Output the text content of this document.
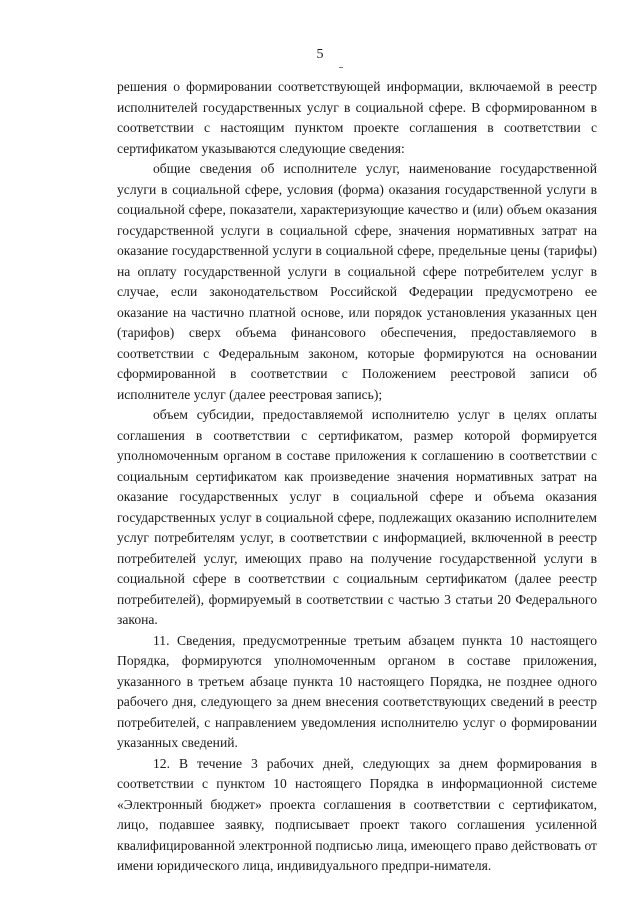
5

решения о формировании соответствующей информации, включаемой в реестр исполнителей государственных услуг в социальной сфере. В сформированном в соответствии с настоящим пунктом проекте соглашения в соответствии с сертификатом указываются следующие сведения:

общие сведения об исполнителе услуг, наименование государственной услуги в социальной сфере, условия (форма) оказания государственной услуги в социальной сфере, показатели, характеризующие качество и (или) объем оказания государственной услуги в социальной сфере, значения нормативных затрат на оказание государственной услуги в социальной сфере, предельные цены (тарифы) на оплату государственной услуги в социальной сфере потребителем услуг в случае, если законодательством Российской Федерации предусмотрено ее оказание на частично платной основе, или порядок установления указанных цен (тарифов) сверх объема финансового обеспечения, предоставляемого в соответствии с Федеральным законом, которые формируются на основании сформированной в соответствии с Положением реестровой записи об исполнителе услуг (далее реестровая запись);

объем субсидии, предоставляемой исполнителю услуг в целях оплаты соглашения в соответствии с сертификатом, размер которой формируется уполномоченным органом в составе приложения к соглашению в соответствии с социальным сертификатом как произведение значения нормативных затрат на оказание государственных услуг в социальной сфере и объема оказания государственных услуг в социальной сфере, подлежащих оказанию исполнителем услуг потребителям услуг, в соответствии с информацией, включенной в реестр потребителей услуг, имеющих право на получение государственной услуги в социальной сфере в соответствии с социальным сертификатом (далее реестр потребителей), формируемый в соответствии с частью 3 статьи 20 Федерального закона.

11. Сведения, предусмотренные третьим абзацем пункта 10 настоящего Порядка, формируются уполномоченным органом в составе приложения, указанного в третьем абзаце пункта 10 настоящего Порядка, не позднее одного рабочего дня, следующего за днем внесения соответствующих сведений в реестр потребителей, с направлением уведомления исполнителю услуг о формировании указанных сведений.

12. В течение 3 рабочих дней, следующих за днем формирования в соответствии с пунктом 10 настоящего Порядка в информационной системе «Электронный бюджет» проекта соглашения в соответствии с сертификатом, лицо, подавшее заявку, подписывает проект такого соглашения усиленной квалифицированной электронной подписью лица, имеющего право действовать от имени юридического лица, индивидуального предпри-нимателя.
